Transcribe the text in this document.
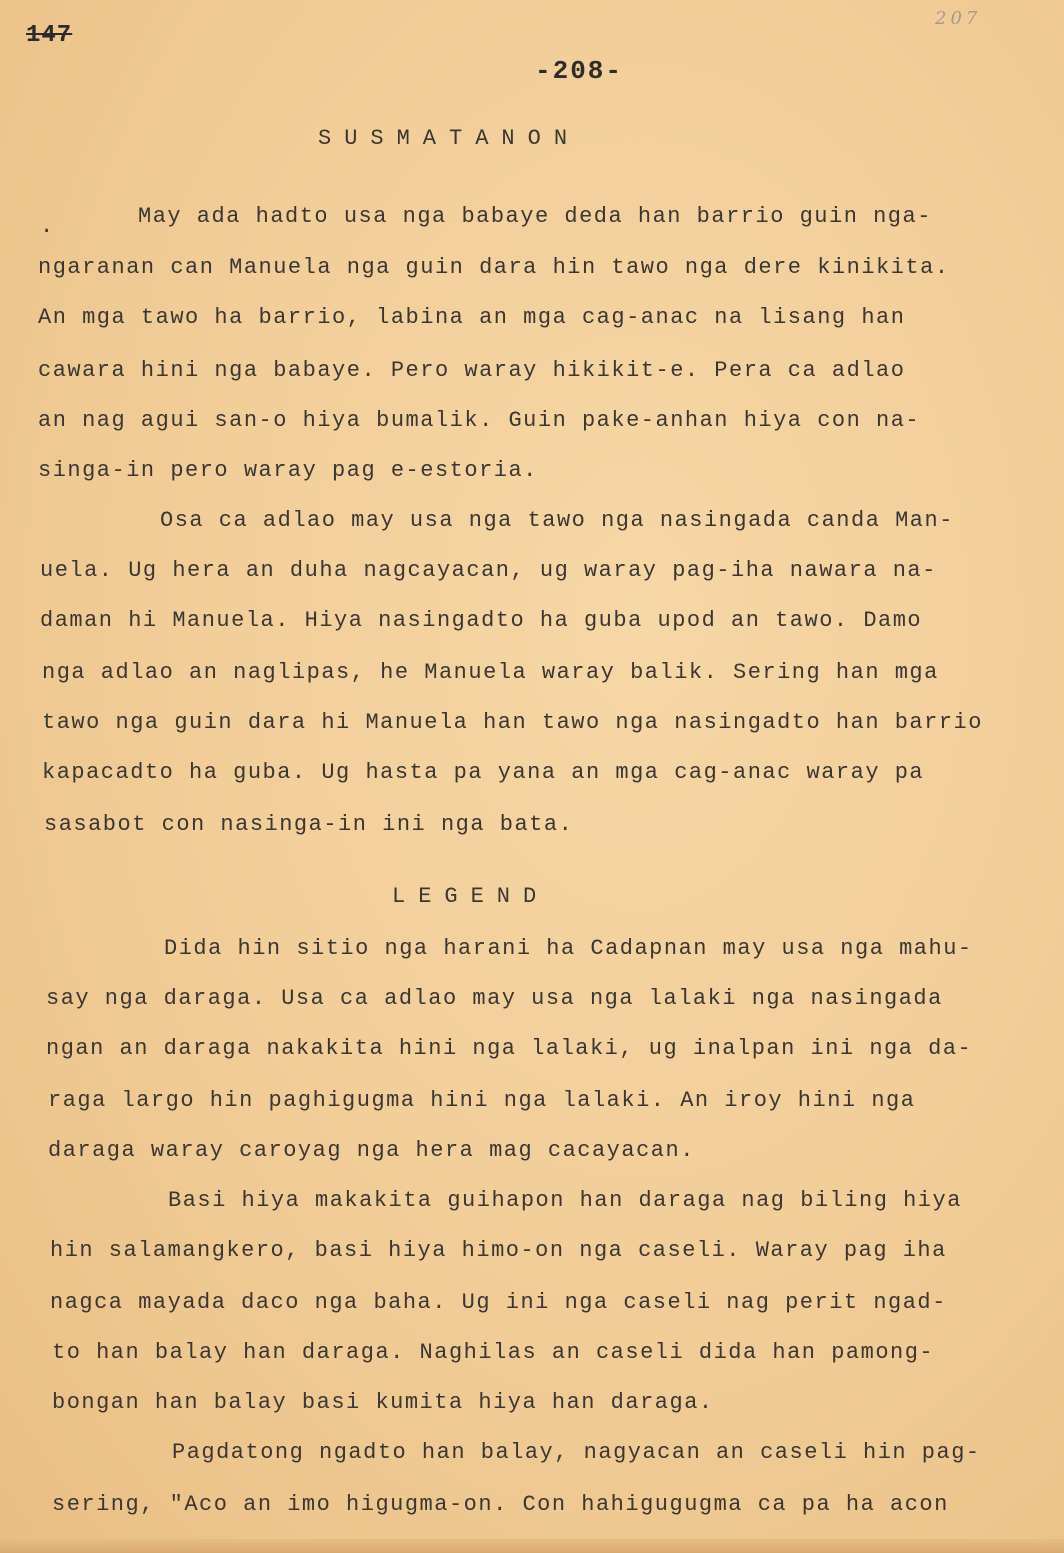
147
207
-208-
SUSMATANON
.	May ada hadto usa nga babaye deda han barrio guin nga-
ngaranan can Manuela nga guin dara hin tawo nga dere kinikita.
An mga tawo ha barrio, labina an mga cag-anac na lisang han
cawara hini nga babaye. Pero waray hikikit-e. Pera ca adlao
an nag agui san-o hiya bumalik. Guin pake-anhan hiya con na-
singa-in pero waray pag e-estoria.
Osa ca adlao may usa nga tawo nga nasingada canda Man-
uela. Ug hera an duha nagcayacan, ug waray pag-iha nawara na-
daman hi Manuela. Hiya nasingadto ha guba upod an tawo. Damo
nga adlao an naglipas, he Manuela waray balik. Sering han mga
tawo nga guin dara hi Manuela han tawo nga nasingadto han barrio
kapacadto ha guba. Ug hasta pa yana an mga cag-anac waray pa
sasabot con nasinga-in ini nga bata.
LEGEND
Dida hin sitio nga harani ha Cadapnan may usa nga mahu-
say nga daraga. Usa ca adlao may usa nga lalaki nga nasingada
ngan an daraga nakakita hini nga lalaki, ug inalpan ini nga da-
raga largo hin paghigugma hini nga lalaki. An iroy hini nga
daraga waray caroyag nga hera mag cacayacan.
Basi hiya makakita guihapon han daraga nag biling hiya
hin salamangkero, basi hiya himo-on nga caseli. Waray pag iha
nagca mayada daco nga baha. Ug ini nga caseli nag perit ngad-
to han balay han daraga. Naghilas an caseli dida han pamong-
bongan han balay basi kumita hiya han daraga.
Pagdatong ngadto han balay, nagyacan an caseli hin pag-
sering, "Aco an imo higugma-on. Con hahigugugma ca pa ha acon
